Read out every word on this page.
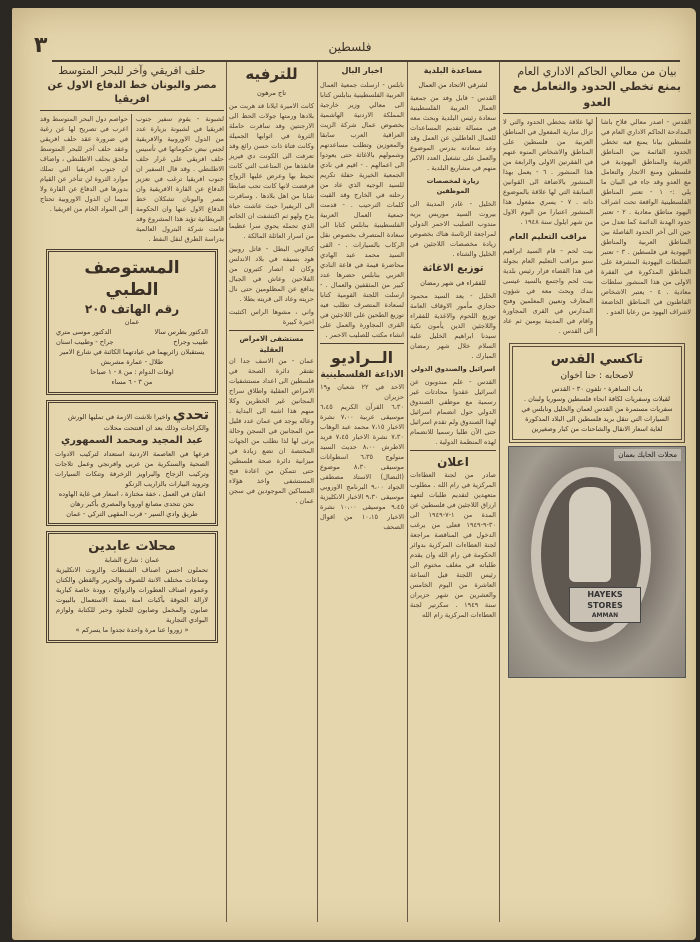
٣	فلسطين
بيان من معالي الحاكم الاداري العام
بمنع تخطي الحدود والتعامل مع العدو
القدس - اصدر معالي فلاح باشا المدادحة الحاكم الاداري العام في فلسطين بيانا يمنع فيه تخطي الحدود القائمة بين المناطق العربية والمناطق اليهودية في فلسطين ومنع الاتجار والتعامل مع العدو وقد جاء في البيان ما يلي :- ١ - تعتبر المناطق الفلسطينية الواقعة تحت اشراف اليهود مناطق معادية . ٢ - تعتبر حدود الهدنة الدائمة كما تعدل من حين الى آخر الحدود الفاصلة بين المناطق العربية والمناطق اليهودية في فلسطين . ٣ - تعتبر السلطات اليهودية المشرفة على المناطق المذكورة في الفقرة الاولى من هذا المنشور سلطات معادية . ٤ - يعتبر الاشخاص القاطنون في المناطق الخاضعة لاشراف اليهود من رعايا العدو .
لها علاقة بتخطي الحدود والتي لا تزال سارية المفعول في المناطق العربية من فلسطين على المناطق والاشخاص المنوه عنهم في الفقرتين الاولى والرابعة من هذا المنشور . ٦ - يعمل بهذا المنشور بالاضافة الى القوانين السابقة التي لها علاقة بالموضوع ذاته . ٧ - يسري مفعول هذا المنشور اعتبارا من اليوم الاول من شهر ايلول سنة ١٩٤٨ .
مراقب التعليم العام
بيت لحم - قام السيد ابراهيم سنو مراقب التعليم العام بجولة في هذا القضاء فزار رئيس بلدية بيت لحم واجتمع بالسيد عيسى بندك وبحث معه في شؤون المعارف وتعيين المعلمين وفتح المدارس في القرى المجاورة واقام في المدينة يومين ثم عاد الى القدس .
تاكسي القدس
لاصحابه : حنا اخوان
باب الساهرة - تلفون ٣٠ - القدس
لقيلات وسفريات لكافة انحاء فلسطين وسوريا ولبنان . سفريات مستمرة من القدس لعمان والخليل ونابلس في السيارات التي تنقل بريد فلسطين الى البلاد المذكورة لغاية اسعار الانقال والشاحنات من كبار وصغيرين
محلات الحايك بعمان
HAYEKS
STORES
AMMAN
مساعدة البلدية
لشرقي الاتحاد من العمال
القدس - قابل وفد من جمعية العمال العربية الفلسطينية سعادة رئيس البلدية وبحث معه في مسالة تقديم المساعدات للعمال العاطلين عن العمل وقد وعد سعادته بدرس الموضوع والعمل على تشغيل العدد الاكبر منهم في مشاريع البلدية .
زيارة لمخصصات الموظفين
الخليل - غادر المدينة الى بيروت السيد موريس بريه مندوب الصليب الاحمر الدولي لمراجعة الرئاسة هناك بخصوص زيادة مخصصات اللاجئين في الخليل والشتاء .
توزيع الاغاثة
للفقراء في شهر رمضان
الخليل - يعد السيد محمود حجازي مأمور الاوقاف العامة توزيع اللحوم والاغذية للفقراء واللاجئين الذين يأمون تكية سيدنا ابراهيم الخليل عليه السلام خلال شهر رمضان المبارك .
اسرائيل والصندوق الدولي
القدس - علم مندوبون عن اسرائيل عقدوا محادثات غير رسمية مع موظفي الصندوق الدولي حول انضمام اسرائيل لهذا الصندوق ولم تقدم اسرائيل حتى الآن طلبا رسميا للانضمام لهذه المنظمة الدولية .
اعلان
صادر من لجنة العطاءات المركزية في رام الله . مطلوب متعهدين لتقديم طلبات لتعهد ارزاق اللاجئين في فلسطين عن المدة من ١-٧-١٩٤٩ الى ٣٠-٩-١٩٤٩ فعلى من يرغب الدخول في المناقصة مراجعة لجنة العطاءات المركزية بدوائر الحكومة في رام الله وان يقدم طلباته في مغلف مختوم الى رئيس اللجنة قبل الساعة العاشرة من اليوم الخامس والعشرين من شهر حزيران سنة ١٩٤٩ . سكرتير لجنة العطاءات المركزية رام الله
اخبار البال
نابلس - ارسلت جمعية العمال العربية الفلسطينية بنابلس كتابا الى معالي وزير خارجية المملكة الاردنية الهاشمية بخصوص عمال شركة الزيت العراقية العرب سابقا والمعوزين وتطلب مساعدتهم وشمولهم بالاغاثة حتى يعودوا الى اعمالهم . - اقيم في نادي الجمعية الخيرية حفلة تكريم للسيد الوجيه الذي عاد من رحلته في الخارج وقد القيت كلمات الترحيب . - قدمت جمعية العمال العربية الفلسطينية بنابلس كتابا الى سعادة المتصرف بخصوص نقل الركاب بالسيارات . - القى السيد محمد عبد الهادي محاضرة قيمة في قاعة النادي العربي بنابلس حضرها عدد كبير من المثقفين والعمال . - ارسلت اللجنة القومية كتابا لسعادة المتصرف تطلب فيه توزيع الطحين على اللاجئين في القرى المجاورة والعمل على انشاء مكتب للصليب الاحمر .
الــراديو
الاذاعة الفلسطينية
الاحد في ٢٢ شعبان و١٩ حزيران
٦،٣٠ القرآن الكريم ٦،٤٥ موسيقى عربية ٧،٠٠ نشرة الاخبار ٧،١٥ محمد عبد الوهاب ٧،٣٠ نشرة الاخبار ٧،٤٥ فريد الاطرش ٨،٠٠ حديث السيد منولوج ٦،٣٥ اسطوانات موسيقى ٨،٣٠ موضوع (النضال) الاستاذ مصطفى الجواد ٩،٠٠ البرنامج الاوروبي موسيقى ٩،٣٠ الاخبار الانكليزية ٩،٤٥ موسيقى ١٠،٠٠ نشرة الاخبار ١٠،١٥ من اقوال الصحف
للترفيه
تاج مرهون
كانت الاميرة ايلانا قد هربت من بلادها ورمتها جولات الحظ الى الارجنتين وقد سافرت حاملة الثروة في اثوابها الجميلة وكانت فتاة ذات حسن رائع وقد تعرفت الى الكونت دي فيريز فانقذها من المتاعب التي كانت تحيط بها وعرض عليها الزواج فرفضت لانها كانت تحب ضابطا شابا من اهل بلادها . وسافرت الى الريفيرا حيث عاشت حياة بذخ ولهو ثم اكتشفت ان الخاتم الذي تحمله يحوي سرا عظيما من اسرار العائلة المالكة .
كتالوني البطل - قاتل روبين هود بسيفه في بلاد الاندلس وكان له انصار كثيرون من الفلاحين وعاش في الجبال يدافع عن المظلومين حتى نال حريته وعاد الى قريته بطلا .
واني ، مشوها الراس اكتئبت اخيرة كبيرة
مستشفى الامراض العقلية
عمان - من الاسف جدا ان تفتقر دائرة الصحة في فلسطين الى اعداد مستشفيات الامراض العقلية واطلاق سراح المجانين غير الخطرين وكلا منهم هذا اشبه الى البداية . وعاله يوجد في عمان عدد قليل من المجانين في السجن وحالة يرثى لها لذا نطلب من الجهات المختصة ان تضع زيادة في ميزانية دائرة صحة فلسطين حتى تتمكن من اعادة فتح المستشفى واخذ هؤلاء المساكين الموجودين في سجن عمان .
حلف افريقي وآخر للبحر المتوسط
مصر واليونان خط الدفاع الاول عن افريقيا
لشبونة - يقوم سفير جنوب افريقيا في لشبونة بزيارة عدد من الدول الاوروبية والافريقية لجس نبض حكوماتها في تأسيس حلف افريقي على غرار حلف الاطلنطي . وقد قال السفير ان جنوب افريقيا ترغب في تعزيز الدفاع عن القارة الافريقية وان مصر واليونان تشكلان خط الدفاع الاول عنها وان الحكومة البريطانية تؤيد هذا المشروع وقد قامت شركة البترول العالمية بدراسة الطرق لنقل النفط .
حواصم دول البحر المتوسط وقد اعرب في تصريح لها عن رغبة في ضرورة عقد حلف افريقي وعقد حلف آخر للبحر المتوسط ملحق بحلف الاطلنطي ، واضاف ان جنوب افريقيا التي تملك موارد الثروة لن تتأخر عن القيام بدورها في الدفاع عن القارة ولا سيما ان الدول الاوروبية تحتاج الى المواد الخام من افريقيا .
المستوصف الطبي
رقم الهاتف ٢٠٥
عمان
الدكتور بطرس سالا
الدكتور موسى متري
طبيب وجراح
جراح - وطبيب اسنان
يستقبلان زائريهما في عيادتهما الكائنة في شارع الامير طلال - عمارة مشربش
اوقات الدوام : من ٨ - ١ صباحا
من ٣ - ٦ مساء
تحدي واخيرا تلاشت الازمة في تمليها الورش والكراجات وذلك بعد ان افتتحت محلات
عبد المجيد ومحمد السمهوري
فرعها في العاصمة الاردنية استعداد لتركيب الادوات الصحية والسنكرية من عربي وافرنجي وعمل تلاجات وتركيب الزجاج والبراويز الزخرفة وتنكات السيارات وترويد البيارات بالزاريب الزنكو
اتقان في العمل ، خفة مختارة ، اسعار في غاية الهاوده
نحن نتحدى مصانع اوروبا والمصري بأكبر رهان
طريق وادي السير - قرب المقهى التركي - عمان
محلات عابدين
عمان : شارع الشابة
تحملون احسن اصناف الشنطات والزوت الانكليزية وساعات مختلف الانتة للصوف والحرير والقطن والكتان وعموم اصناف العطورات والزوائح ، وودة خاصة كبارية لازالة الجوقة بأكبات امنة بسنة الاستعمال بالبيوت صابون والمخمل وصابون للجلود وحبر للكتابة ولوازم البوادي التجارية
« زوروا عنا مرة واحدة تجدوا ما يسركم »
